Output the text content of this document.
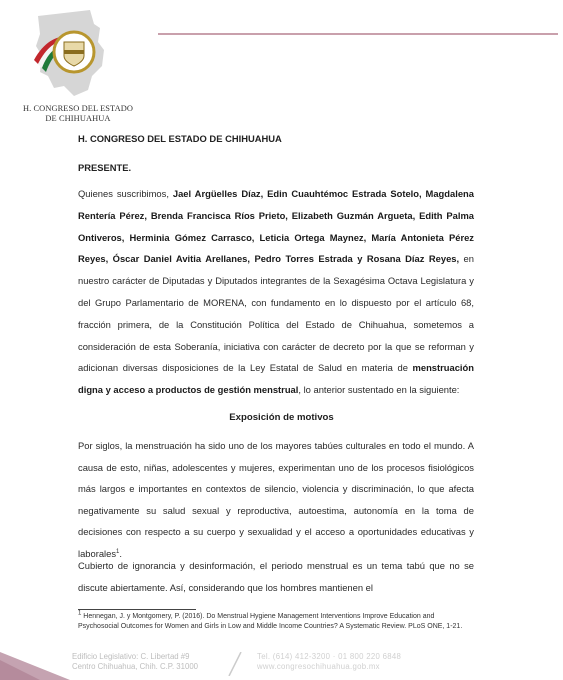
H. CONGRESO DEL ESTADO
DE CHIHUAHUA
H. CONGRESO DEL ESTADO DE CHIHUAHUA
PRESENTE.
Quienes suscribimos, Jael Argüelles Díaz, Edin Cuauhtémoc Estrada Sotelo, Magdalena Rentería Pérez, Brenda Francisca Ríos Prieto, Elizabeth Guzmán Argueta, Edith Palma Ontiveros, Herminia Gómez Carrasco, Leticia Ortega Maynez, María Antonieta Pérez Reyes, Óscar Daniel Avitia Arellanes, Pedro Torres Estrada y Rosana Díaz Reyes, en nuestro carácter de Diputadas y Diputados integrantes de la Sexagésima Octava Legislatura y del Grupo Parlamentario de MORENA, con fundamento en lo dispuesto por el artículo 68, fracción primera, de la Constitución Política del Estado de Chihuahua, sometemos a consideración de esta Soberanía, iniciativa con carácter de decreto por la que se reforman y adicionan diversas disposiciones de la Ley Estatal de Salud en materia de menstruación digna y acceso a productos de gestión menstrual, lo anterior sustentado en la siguiente:
Exposición de motivos
Por siglos, la menstruación ha sido uno de los mayores tabúes culturales en todo el mundo. A causa de esto, niñas, adolescentes y mujeres, experimentan uno de los procesos fisiológicos más largos e importantes en contextos de silencio, violencia y discriminación, lo que afecta negativamente su salud sexual y reproductiva, autoestima, autonomía en la toma de decisiones con respecto a su cuerpo y sexualidad y el acceso a oportunidades educativas y laborales$^1$.
Cubierto de ignorancia y desinformación, el periodo menstrual es un tema tabú que no se discute abiertamente. Así, considerando que los hombres mantienen el
$^1$ Hennegan, J. y Montgomery, P. (2016). Do Menstrual Hygiene Management Interventions Improve Education and Psychosocial Outcomes for Women and Girls in Low and Middle Income Countries? A Systematic Review. PLoS ONE, 1-21.
Edificio Legislativo: C. Libertad #9
Centro Chihuahua, Chih. C.P. 31000
Tel. (614) 412-3200 · 01 800 220 6848
www.congresochihuahua.gob.mx
